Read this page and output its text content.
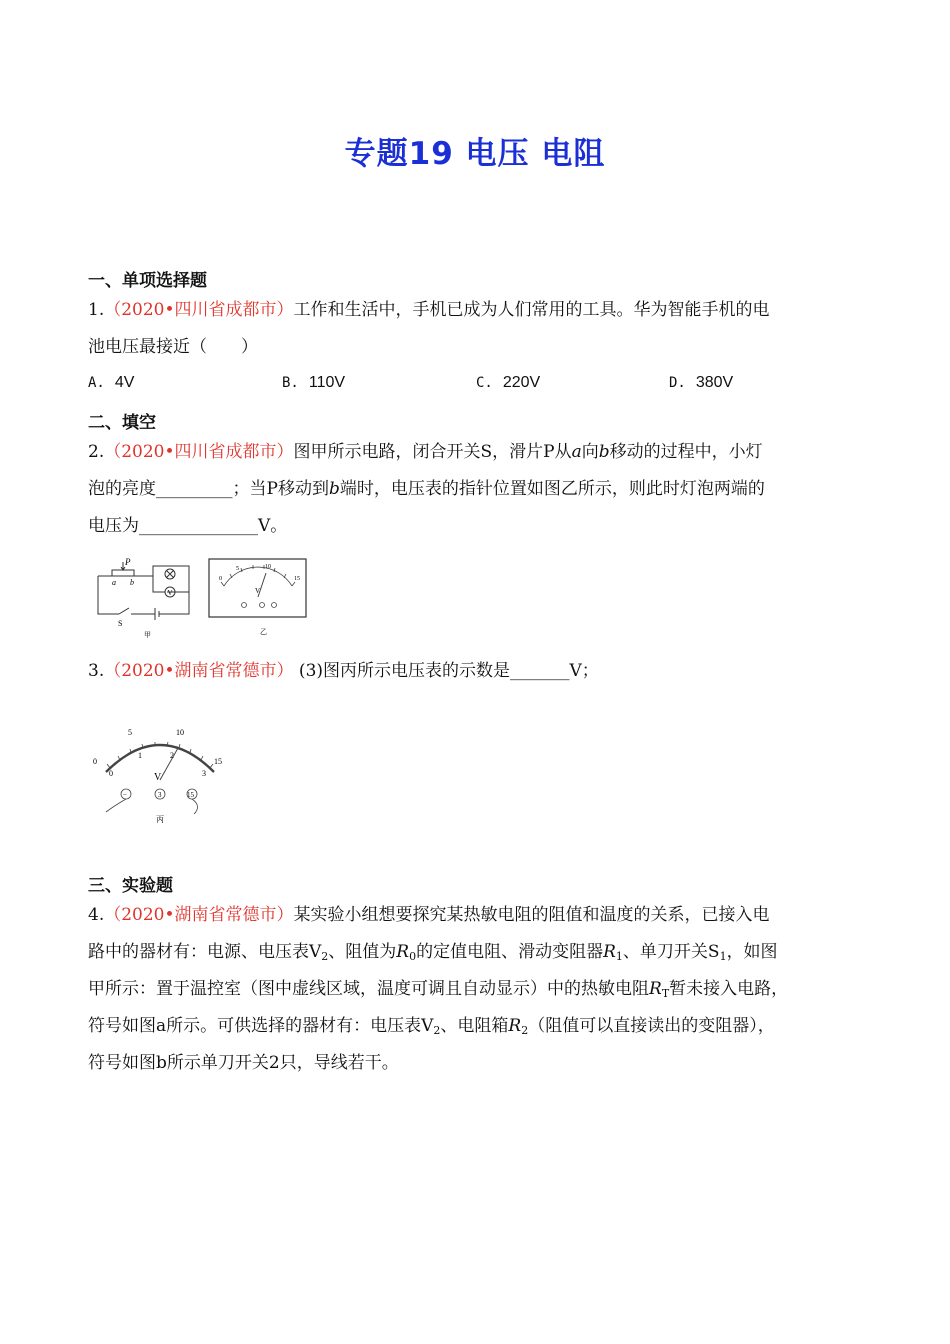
专题19 电压 电阻
一、单项选择题
1.（2020•四川省成都市）工作和生活中，手机已成为人们常用的工具。华为智能手机的电
池电压最接近（　　）
A. 4V	B. 110V	C. 220V	D. 380V
二、填空
2.（2020•四川省成都市）图甲所示电路，闭合开关S，滑片P从a向b移动的过程中，小灯
泡的亮度_________；当P移动到b端时，电压表的指针位置如图乙所示，则此时灯泡两端的
电压为______________V。
P
a b
V
S
甲
0
5	10
15
V
乙
3.（2020•湖南省常德市） (3)图丙所示电压表的示数是_______V；
0
5	10
15
0
1	2
3
V
−	3	15
丙
三、实验题
4.（2020•湖南省常德市）某实验小组想要探究某热敏电阻的阻值和温度的关系，已接入电
路中的器材有：电源、电压表$V_2$、阻值为$R_0$的定值电阻、滑动变阻器$R_1$、单刀开关$S_1$，如图
甲所示：置于温控室（图中虚线区域，温度可调且自动显示）中的热敏电阻$R_T$暂未接入电路，
符号如图a所示。可供选择的器材有：电压表$V_2$、电阻箱$R_2$（阻值可以直接读出的变阻器），
符号如图b所示单刀开关2只，导线若干。
